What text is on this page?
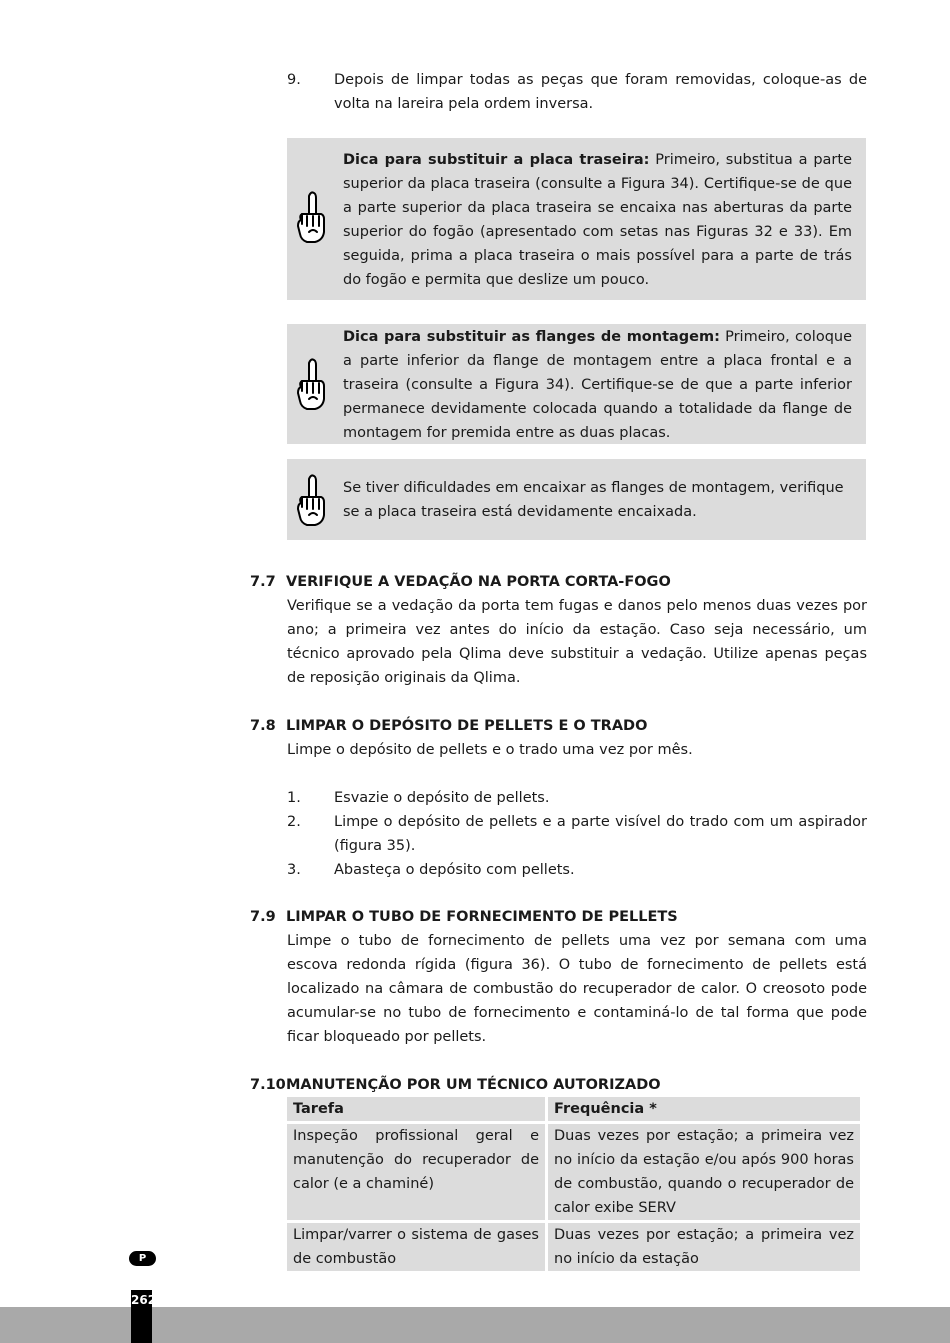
9. Depois de limpar todas as peças que foram removidas, coloque-as de volta na lareira pela ordem inversa.
Dica para substituir a placa traseira: Primeiro, substitua a parte superior da placa traseira (consulte a Figura 34). Certifique-se de que a parte superior da placa traseira se encaixa nas aberturas da parte superior do fogão (apresentado com setas nas Figuras 32 e 33). Em seguida, prima a placa traseira o mais possível para a parte de trás do fogão e permita que deslize um pouco.
Dica para substituir as flanges de montagem: Primeiro, coloque a parte inferior da flange de montagem entre a placa frontal e a traseira (consulte a Figura 34). Certifique-se de que a parte inferior permanece devidamente colocada quando a totalidade da flange de montagem for premida entre as duas placas.
Se tiver dificuldades em encaixar as flanges de montagem, verifique se a placa traseira está devidamente encaixada.
7.7 VERIFIQUE A VEDAÇÃO NA PORTA CORTA-FOGO
Verifique se a vedação da porta tem fugas e danos pelo menos duas vezes por ano; a primeira vez antes do início da estação. Caso seja necessário, um técnico aprovado pela Qlima deve substituir a vedação. Utilize apenas peças de reposição originais da Qlima.
7.8 LIMPAR O DEPÓSITO DE PELLETS E O TRADO
Limpe o depósito de pellets e o trado uma vez por mês.
1. Esvazie o depósito de pellets.
2. Limpe o depósito de pellets e a parte visível do trado com um aspirador (figura 35).
3. Abasteça o depósito com pellets.
7.9 LIMPAR O TUBO DE FORNECIMENTO DE PELLETS
Limpe o tubo de fornecimento de pellets uma vez por semana com uma escova redonda rígida (figura 36). O tubo de fornecimento de pellets está localizado na câmara de combustão do recuperador de calor. O creosoto pode acumular-se no tubo de fornecimento e contaminá-lo de tal forma que pode ficar bloqueado por pellets.
7.10MANUTENÇÃO POR UM TÉCNICO AUTORIZADO
Tarefa	Frequência *
Inspeção profissional geral e manutenção do recuperador de calor (e a chaminé)	Duas vezes por estação; a primeira vez no início da estação e/ou após 900 horas de combustão, quando o recuperador de calor exibe SERV
Limpar/varrer o sistema de gases de combustão	Duas vezes por estação; a primeira vez no início da estação
P
262
